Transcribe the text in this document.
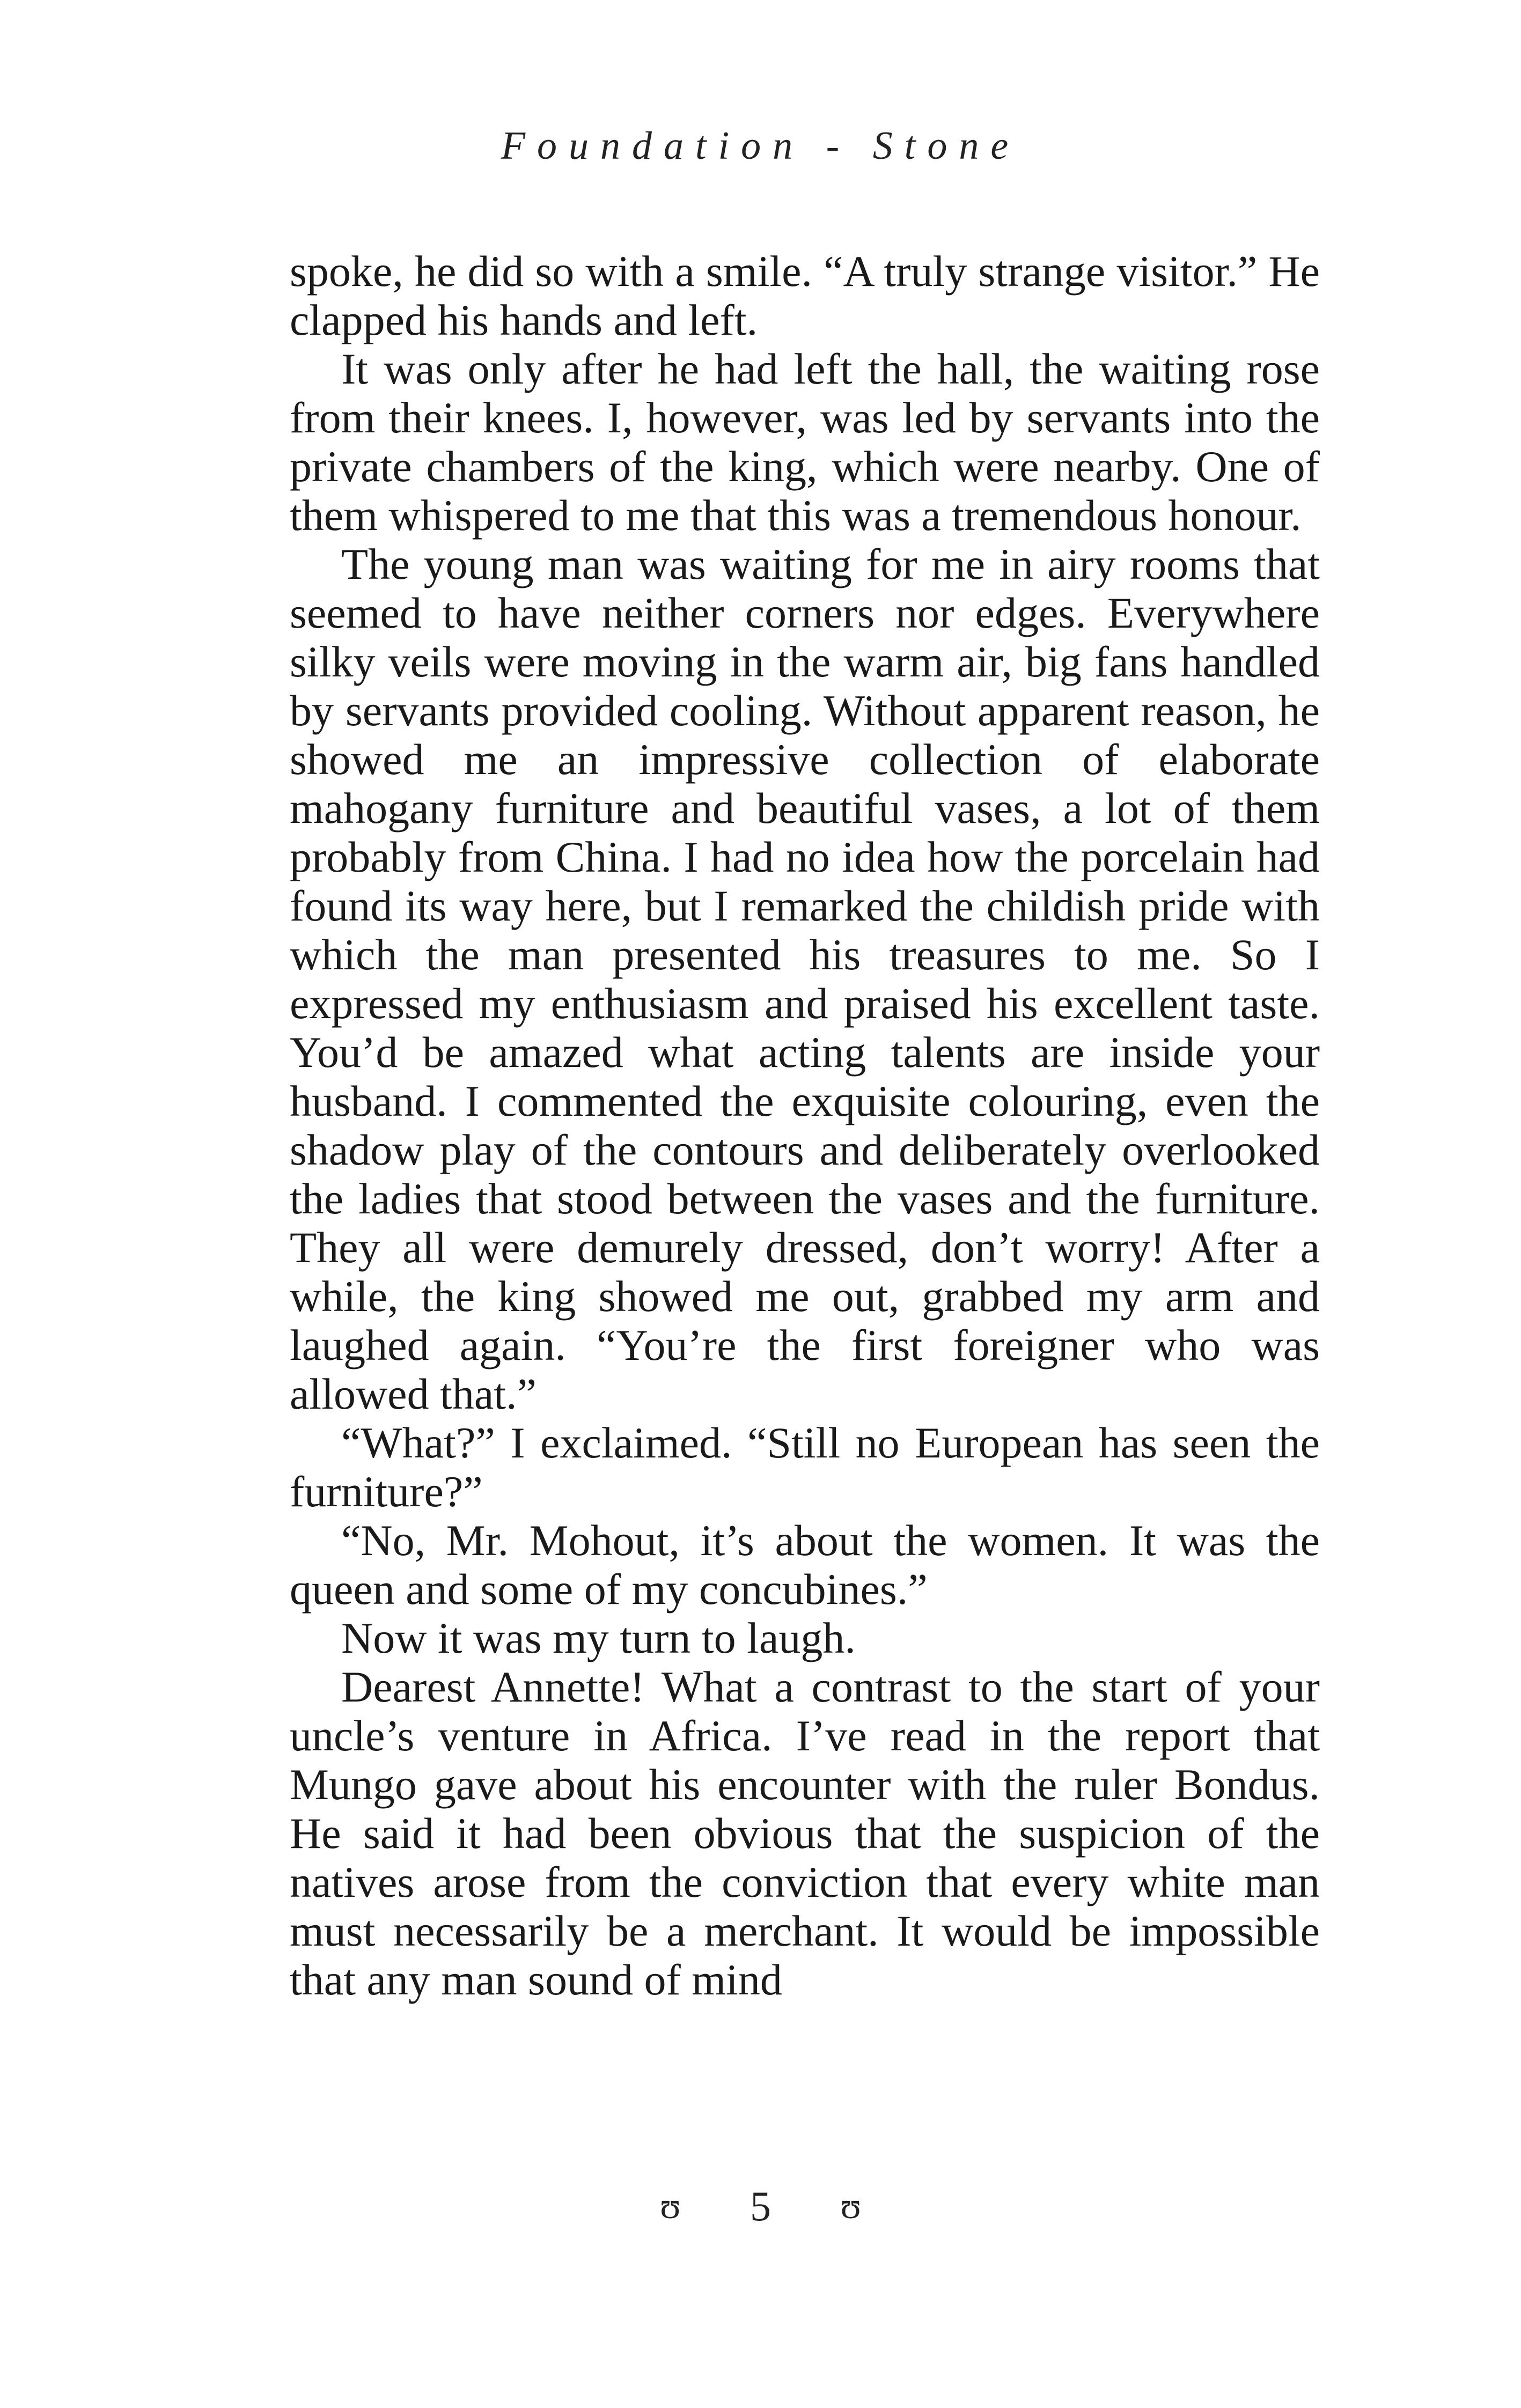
Foundation - Stone

spoke, he did so with a smile. “A truly strange visitor.” He clapped his hands and left.

It was only after he had left the hall, the waiting rose from their knees. I, however, was led by servants into the private chambers of the king, which were nearby. One of them whispered to me that this was a tremendous honour.

The young man was waiting for me in airy rooms that seemed to have neither corners nor edges. Everywhere silky veils were moving in the warm air, big fans handled by servants provided cooling. Without apparent reason, he showed me an impressive collection of elaborate mahogany furniture and beautiful vases, a lot of them probably from China. I had no idea how the porcelain had found its way here, but I remarked the childish pride with which the man presented his treasures to me. So I expressed my enthusiasm and praised his excellent taste. You’d be amazed what acting talents are inside your husband. I commented the exquisite colouring, even the shadow play of the contours and deliberately overlooked the ladies that stood between the vases and the furniture. They all were demurely dressed, don’t worry! After a while, the king showed me out, grabbed my arm and laughed again. “You’re the first foreigner who was allowed that.”

“What?” I exclaimed. “Still no European has seen the furniture?”

“No, Mr. Mohout, it’s about the women. It was the queen and some of my concubines.”

Now it was my turn to laugh.

Dearest Annette! What a contrast to the start of your uncle’s venture in Africa. I’ve read in the report that Mungo gave about his encounter with the ruler Bondus. He said it had been obvious that the suspicion of the natives arose from the conviction that every white man must necessarily be a merchant. It would be impossible that any man sound of mind

ʊ 5 ʊ
